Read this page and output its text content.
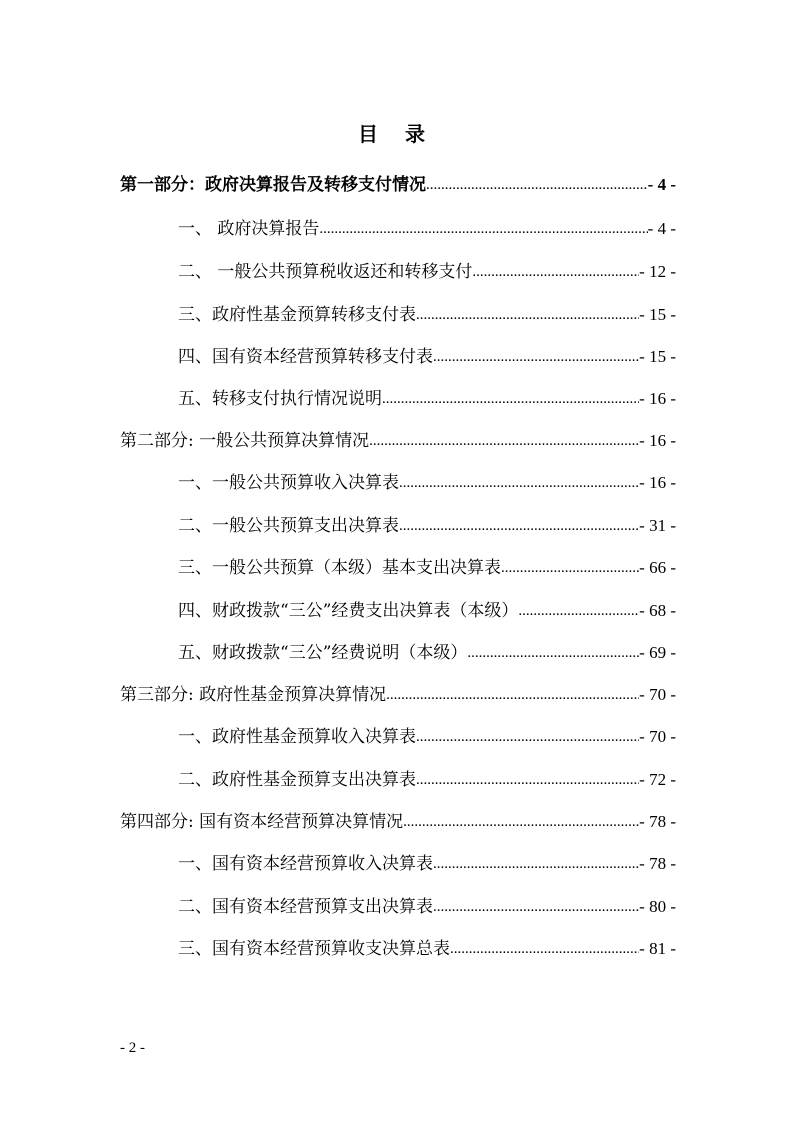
目 录
第一部分：政府决算报告及转移支付情况 .....	- 4 -
一、 政府决算报告 .....	- 4 -
二、 一般公共预算税收返还和转移支付 .....	- 12 -
三、政府性基金预算转移支付表 .....	- 15 -
四、国有资本经营预算转移支付表 .....	- 15 -
五、转移支付执行情况说明 .....	- 16 -
第二部分: 一般公共预算决算情况 .....	- 16 -
一、一般公共预算收入决算表 .....	- 16 -
二、一般公共预算支出决算表 .....	- 31 -
三、一般公共预算（本级）基本支出决算表 .....	- 66 -
四、财政拨款“三公”经费支出决算表（本级） .....	- 68 -
五、财政拨款“三公”经费说明（本级） .....	- 69 -
第三部分: 政府性基金预算决算情况 .....	- 70 -
一、政府性基金预算收入决算表 .....	- 70 -
二、政府性基金预算支出决算表 .....	- 72 -
第四部分: 国有资本经营预算决算情况 .....	- 78 -
一、国有资本经营预算收入决算表 .....	- 78 -
二、国有资本经营预算支出决算表 .....	- 80 -
三、国有资本经营预算收支决算总表 .....	- 81 -
- 2 -
